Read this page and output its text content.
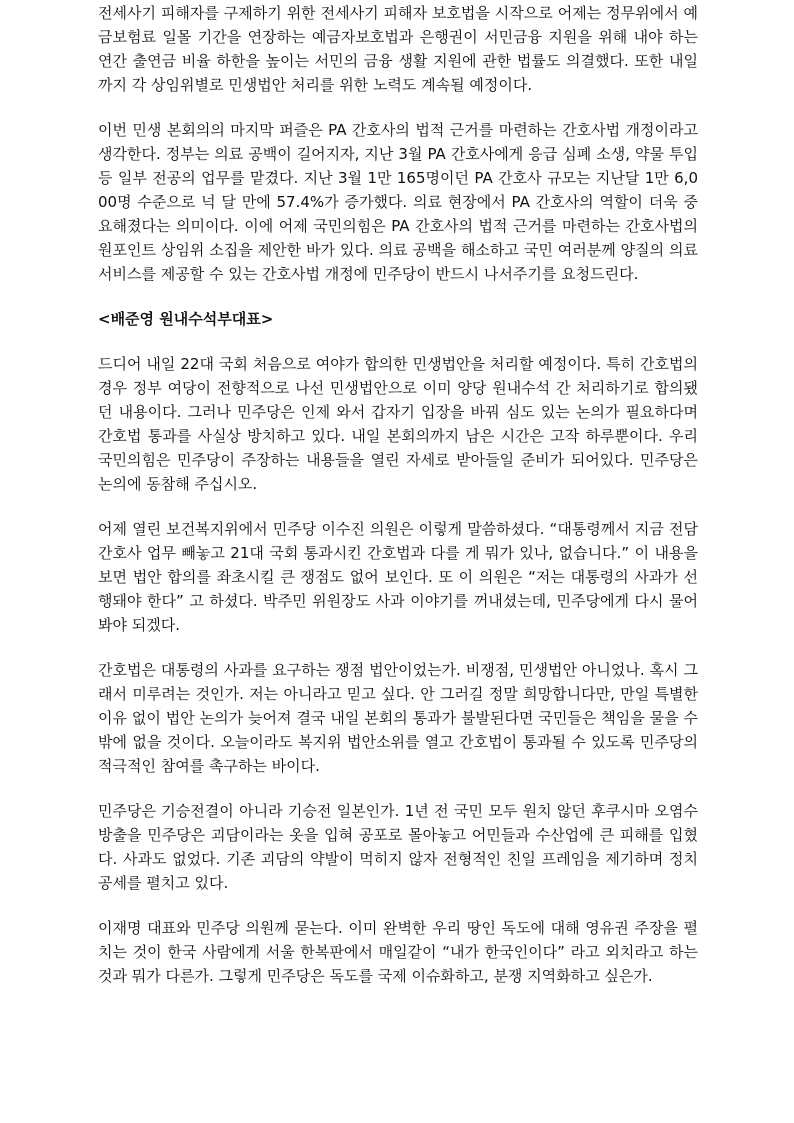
전세사기 피해자를 구제하기 위한 전세사기 피해자 보호법을 시작으로 어제는 정무위에서 예금보험료 일몰 기간을 연장하는 예금자보호법과 은행권이 서민금융 지원을 위해 내야 하는 연간 출연금 비율 하한을 높이는 서민의 금융 생활 지원에 관한 법률도 의결했다. 또한 내일까지 각 상임위별로 민생법안 처리를 위한 노력도 계속될 예정이다.

이번 민생 본회의의 마지막 퍼즐은 PA 간호사의 법적 근거를 마련하는 간호사법 개정이라고 생각한다. 정부는 의료 공백이 길어지자, 지난 3월 PA 간호사에게 응급 심폐 소생, 약물 투입 등 일부 전공의 업무를 맡겼다. 지난 3월 1만 165명이던 PA 간호사 규모는 지난달 1만 6,000명 수준으로 넉 달 만에 57.4%가 증가했다. 의료 현장에서 PA 간호사의 역할이 더욱 중요해졌다는 의미이다. 이에 어제 국민의힘은 PA 간호사의 법적 근거를 마련하는 간호사법의 원포인트 상임위 소집을 제안한 바가 있다. 의료 공백을 해소하고 국민 여러분께 양질의 의료서비스를 제공할 수 있는 간호사법 개정에 민주당이 반드시 나서주기를 요청드린다.

<배준영 원내수석부대표>

드디어 내일 22대 국회 처음으로 여야가 합의한 민생법안을 처리할 예정이다. 특히 간호법의 경우 정부 여당이 전향적으로 나선 민생법안으로 이미 양당 원내수석 간 처리하기로 합의됐던 내용이다. 그러나 민주당은 인제 와서 갑자기 입장을 바꿔 심도 있는 논의가 필요하다며 간호법 통과를 사실상 방치하고 있다. 내일 본회의까지 남은 시간은 고작 하루뿐이다. 우리 국민의힘은 민주당이 주장하는 내용들을 열린 자세로 받아들일 준비가 되어있다. 민주당은 논의에 동참해 주십시오.

어제 열린 보건복지위에서 민주당 이수진 의원은 이렇게 말씀하셨다. “대통령께서 지금 전담간호사 업무 빼놓고 21대 국회 통과시킨 간호법과 다를 게 뭐가 있나, 없습니다.” 이 내용을 보면 법안 합의를 좌초시킬 큰 쟁점도 없어 보인다. 또 이 의원은 “저는 대통령의 사과가 선행돼야 한다” 고 하셨다. 박주민 위원장도 사과 이야기를 꺼내셨는데, 민주당에게 다시 물어봐야 되겠다.

간호법은 대통령의 사과를 요구하는 쟁점 법안이었는가. 비쟁점, 민생법안 아니었나. 혹시 그래서 미루려는 것인가. 저는 아니라고 믿고 싶다. 안 그러길 정말 희망합니다만, 만일 특별한 이유 없이 법안 논의가 늦어져 결국 내일 본회의 통과가 불발된다면 국민들은 책임을 물을 수밖에 없을 것이다. 오늘이라도 복지위 법안소위를 열고 간호법이 통과될 수 있도록 민주당의 적극적인 참여를 촉구하는 바이다.

민주당은 기승전결이 아니라 기승전 일본인가. 1년 전 국민 모두 원치 않던 후쿠시마 오염수 방출을 민주당은 괴담이라는 옷을 입혀 공포로 몰아놓고 어민들과 수산업에 큰 피해를 입혔다. 사과도 없었다. 기존 괴담의 약발이 먹히지 않자 전형적인 친일 프레임을 제기하며 정치공세를 펼치고 있다.

이재명 대표와 민주당 의원께 묻는다. 이미 완벽한 우리 땅인 독도에 대해 영유권 주장을 펼치는 것이 한국 사람에게 서울 한복판에서 매일같이 “내가 한국인이다” 라고 외치라고 하는 것과 뭐가 다른가. 그렇게 민주당은 독도를 국제 이슈화하고, 분쟁 지역화하고 싶은가.
